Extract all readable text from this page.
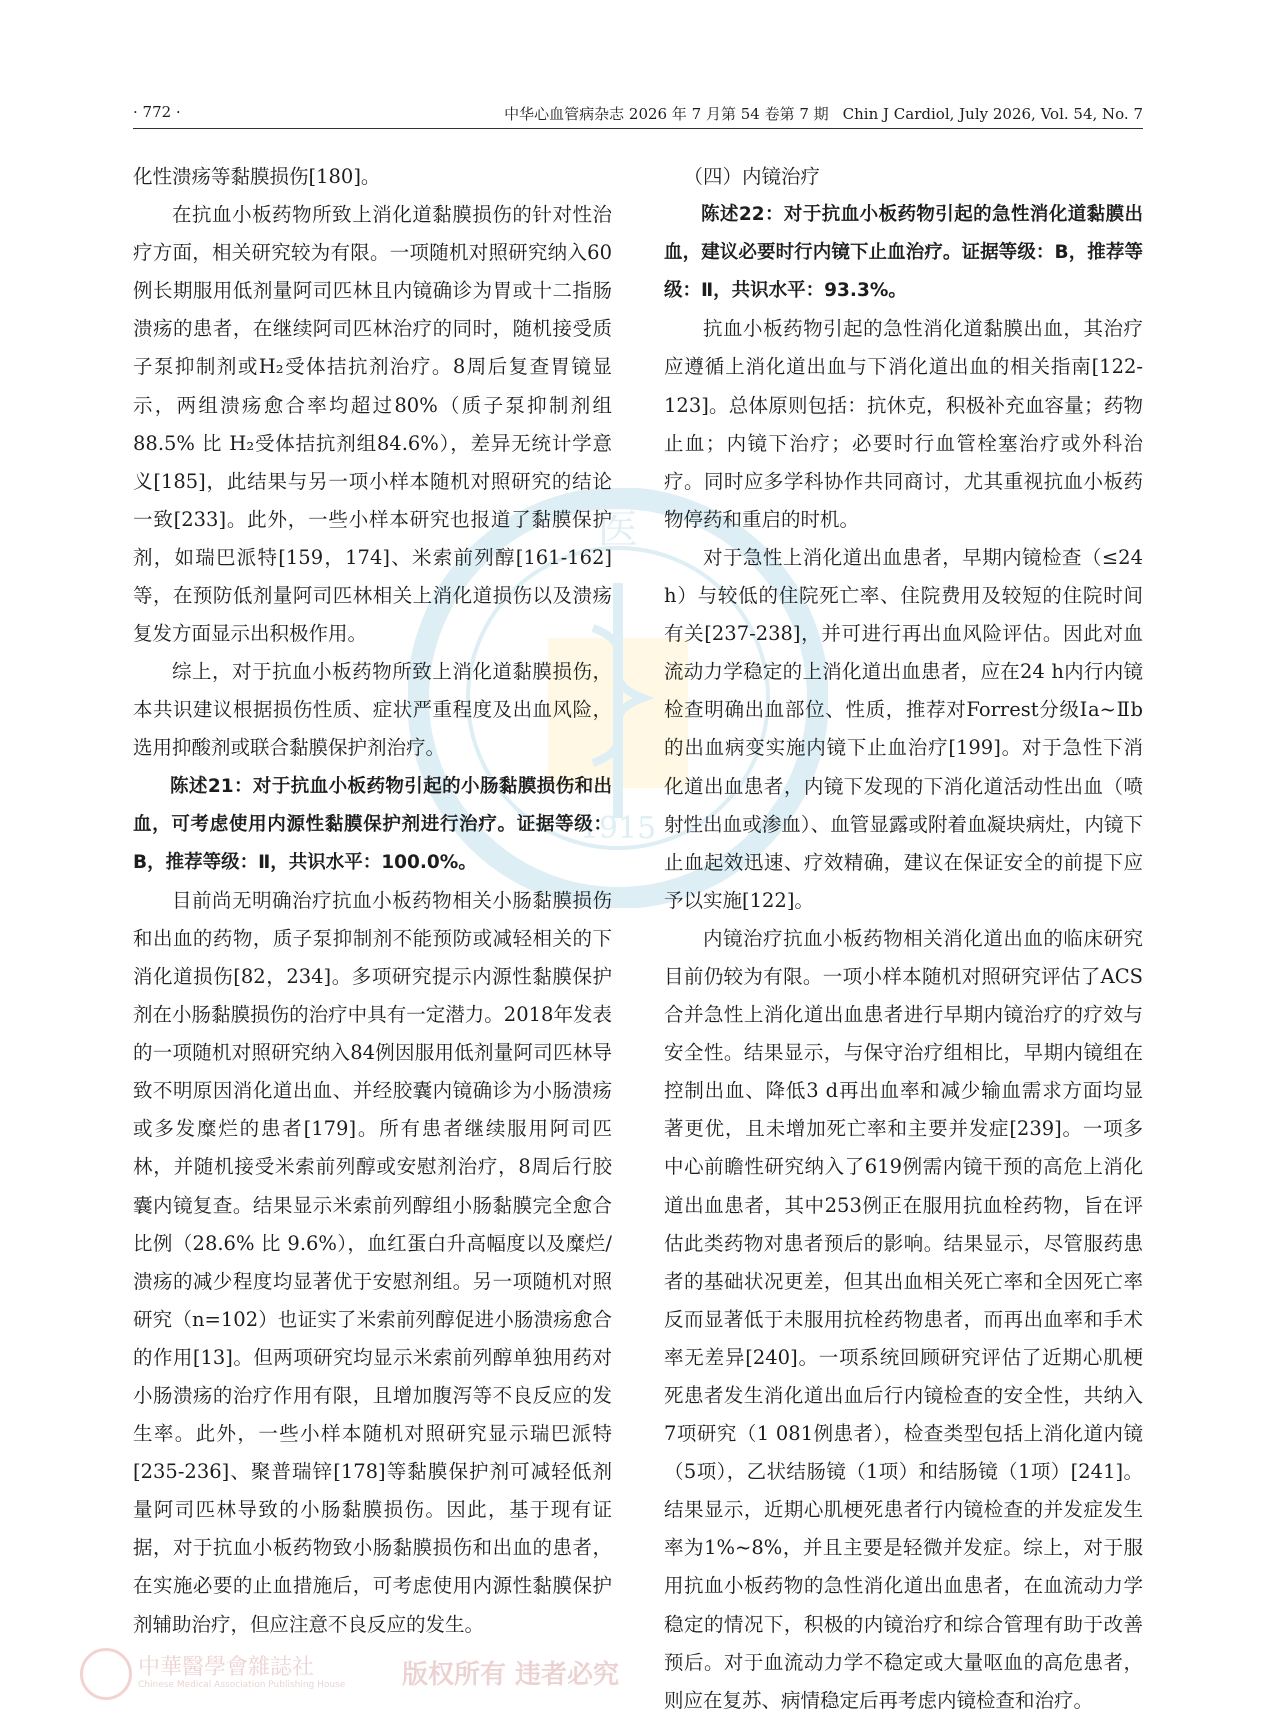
· 772 ·	中华心血管病杂志 2026 年 7 月第 54 卷第 7 期 Chin J Cardiol, July 2026, Vol. 54, No. 7
医
1915

化性溃疡等黏膜损伤[180]。

在抗血小板药物所致上消化道黏膜损伤的针对性治疗方面，相关研究较为有限。一项随机对照研究纳入60例长期服用低剂量阿司匹林且内镜确诊为胃或十二指肠溃疡的患者，在继续阿司匹林治疗的同时，随机接受质子泵抑制剂或H₂受体拮抗剂治疗。8周后复查胃镜显示，两组溃疡愈合率均超过80%（质子泵抑制剂组88.5% 比 H₂受体拮抗剂组84.6%），差异无统计学意义[185]，此结果与另一项小样本随机对照研究的结论一致[233]。此外，一些小样本研究也报道了黏膜保护剂，如瑞巴派特[159，174]、米索前列醇[161-162]等，在预防低剂量阿司匹林相关上消化道损伤以及溃疡复发方面显示出积极作用。

综上，对于抗血小板药物所致上消化道黏膜损伤，本共识建议根据损伤性质、症状严重程度及出血风险，选用抑酸剂或联合黏膜保护剂治疗。

陈述21：对于抗血小板药物引起的小肠黏膜损伤和出血，可考虑使用内源性黏膜保护剂进行治疗。证据等级：B，推荐等级：Ⅱ，共识水平：100.0%。

目前尚无明确治疗抗血小板药物相关小肠黏膜损伤和出血的药物，质子泵抑制剂不能预防或减轻相关的下消化道损伤[82，234]。多项研究提示内源性黏膜保护剂在小肠黏膜损伤的治疗中具有一定潜力。2018年发表的一项随机对照研究纳入84例因服用低剂量阿司匹林导致不明原因消化道出血、并经胶囊内镜确诊为小肠溃疡或多发糜烂的患者[179]。所有患者继续服用阿司匹林，并随机接受米索前列醇或安慰剂治疗，8周后行胶囊内镜复查。结果显示米索前列醇组小肠黏膜完全愈合比例（28.6% 比 9.6%），血红蛋白升高幅度以及糜烂/溃疡的减少程度均显著优于安慰剂组。另一项随机对照研究（n=102）也证实了米索前列醇促进小肠溃疡愈合的作用[13]。但两项研究均显示米索前列醇单独用药对小肠溃疡的治疗作用有限，且增加腹泻等不良反应的发生率。此外，一些小样本随机对照研究显示瑞巴派特[235-236]、聚普瑞锌[178]等黏膜保护剂可减轻低剂量阿司匹林导致的小肠黏膜损伤。因此，基于现有证据，对于抗血小板药物致小肠黏膜损伤和出血的患者，在实施必要的止血措施后，可考虑使用内源性黏膜保护剂辅助治疗，但应注意不良反应的发生。

（四）内镜治疗

陈述22：对于抗血小板药物引起的急性消化道黏膜出血，建议必要时行内镜下止血治疗。证据等级：B，推荐等级：Ⅱ，共识水平：93.3%。

抗血小板药物引起的急性消化道黏膜出血，其治疗应遵循上消化道出血与下消化道出血的相关指南[122-123]。总体原则包括：抗休克，积极补充血容量；药物止血；内镜下治疗；必要时行血管栓塞治疗或外科治疗。同时应多学科协作共同商讨，尤其重视抗血小板药物停药和重启的时机。

对于急性上消化道出血患者，早期内镜检查（≤24 h）与较低的住院死亡率、住院费用及较短的住院时间有关[237-238]，并可进行再出血风险评估。因此对血流动力学稳定的上消化道出血患者，应在24 h内行内镜检查明确出血部位、性质，推荐对Forrest分级Ⅰa~Ⅱb的出血病变实施内镜下止血治疗[199]。对于急性下消化道出血患者，内镜下发现的下消化道活动性出血（喷射性出血或渗血）、血管显露或附着血凝块病灶，内镜下止血起效迅速、疗效精确，建议在保证安全的前提下应予以实施[122]。

内镜治疗抗血小板药物相关消化道出血的临床研究目前仍较为有限。一项小样本随机对照研究评估了ACS合并急性上消化道出血患者进行早期内镜治疗的疗效与安全性。结果显示，与保守治疗组相比，早期内镜组在控制出血、降低3 d再出血率和减少输血需求方面均显著更优，且未增加死亡率和主要并发症[239]。一项多中心前瞻性研究纳入了619例需内镜干预的高危上消化道出血患者，其中253例正在服用抗血栓药物，旨在评估此类药物对患者预后的影响。结果显示，尽管服药患者的基础状况更差，但其出血相关死亡率和全因死亡率反而显著低于未服用抗栓药物患者，而再出血率和手术率无差异[240]。一项系统回顾研究评估了近期心肌梗死患者发生消化道出血后行内镜检查的安全性，共纳入7项研究（1 081例患者），检查类型包括上消化道内镜（5项），乙状结肠镜（1项）和结肠镜（1项）[241]。结果显示，近期心肌梗死患者行内镜检查的并发症发生率为1%~8%，并且主要是轻微并发症。综上，对于服用抗血小板药物的急性消化道出血患者，在血流动力学稳定的情况下，积极的内镜治疗和综合管理有助于改善预后。对于血流动力学不稳定或大量呕血的高危患者，则应在复苏、病情稳定后再考虑内镜检查和治疗。

中華醫學會雜誌社
Chinese Medical Association Publishing House 版权所有 违者必究
